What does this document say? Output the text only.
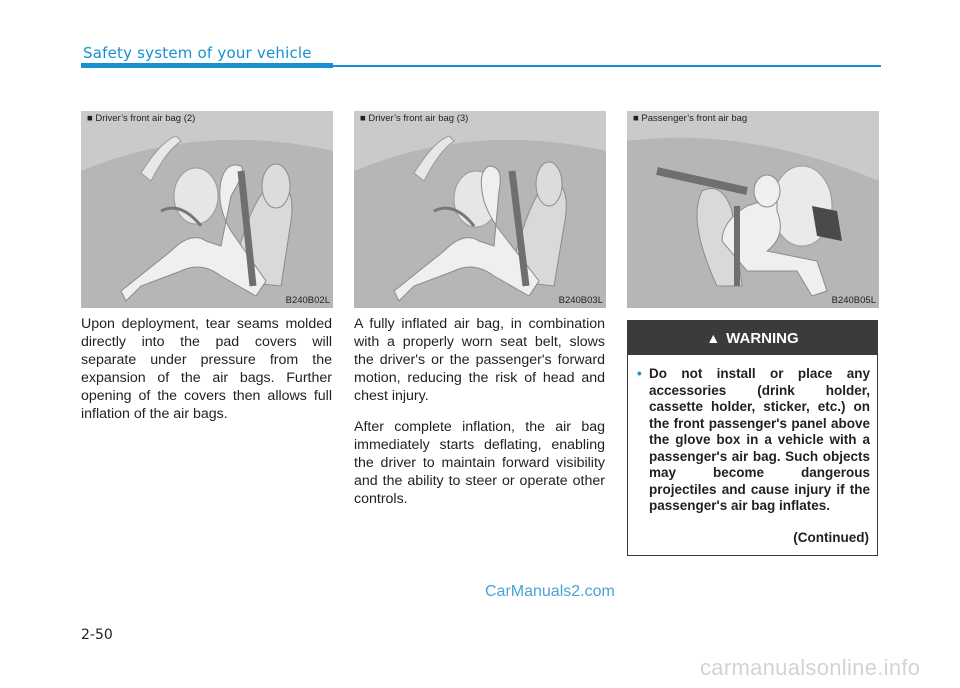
Safety system of your vehicle
■ Driver’s front air bag (2)
B240B02L
■ Driver’s front air bag (3)
B240B03L
■ Passenger’s front air bag
B240B05L

Upon deployment, tear seams molded directly into the pad covers will separate under pressure from the expansion of the air bags. Further opening of the covers then allows full inflation of the air bags.

A fully inflated air bag, in combination with a properly worn seat belt, slows the driver's or the passenger's forward motion, reducing the risk of head and chest injury.

After complete inflation, the air bag immediately starts deflating, enabling the driver to maintain forward visibility and the ability to steer or operate other controls.

▲ WARNING
• Do not install or place any accessories (drink holder, cassette holder, sticker, etc.) on the front passenger's panel above the glove box in a vehicle with a passenger's air bag. Such objects may become dangerous projectiles and cause injury if the passenger's air bag inflates.
(Continued)
CarManuals2.com
2-50
carmanualsonline.info
